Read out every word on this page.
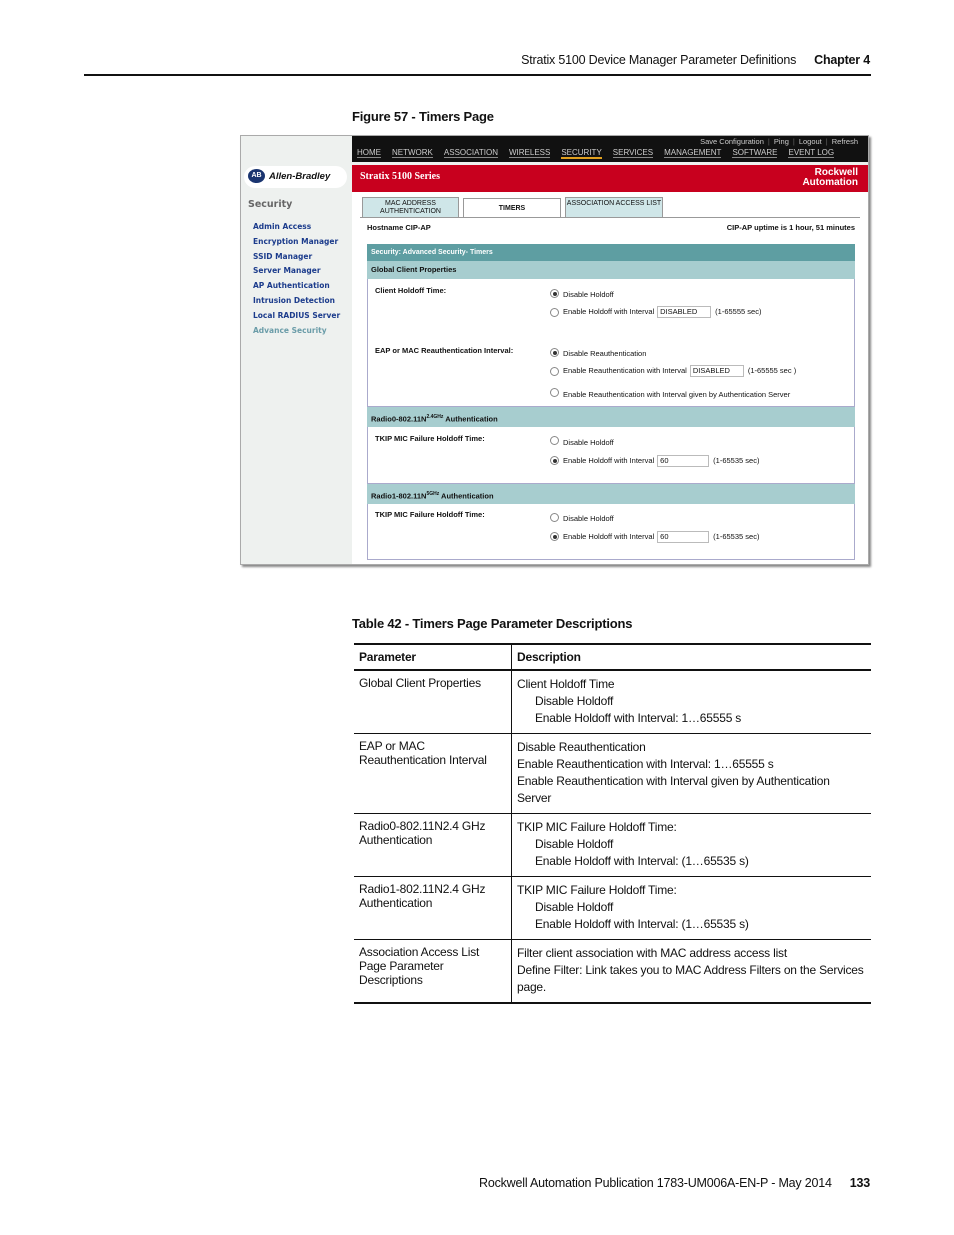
Stratix 5100 Device Manager Parameter Definitions Chapter 4
Figure 57 - Timers Page
Save Configuration | Ping | Logout | Refresh
HOME NETWORK ASSOCIATION WIRELESS SECURITY SERVICES MANAGEMENT SOFTWARE EVENT LOG
AB Allen-Bradley	Stratix 5100 Series	Rockwell
Automation
Security
Admin Access
Encryption Manager
SSID Manager
Server Manager
AP Authentication
Intrusion Detection
Local RADIUS Server
Advance Security
MAC ADDRESS AUTHENTICATION	TIMERS
ASSOCIATION ACCESS LIST
Hostname CIP-AP	CIP-AP uptime is 1 hour, 51 minutes
Security: Advanced Security- Timers
Global Client Properties
Client Holdoff Time:	Disable Holdoff
Enable Holdoff with Interval DISABLED (1-65555 sec)
EAP or MAC Reauthentication Interval:	Disable Reauthentication
Enable Reauthentication with Interval DISABLED (1-65555 sec )
Enable Reauthentication with Interval given by Authentication Server
$Radio0-802.11N^{2.4GHz}$ Authentication
TKIP MIC Failure Holdoff Time:	Disable Holdoff
Enable Holdoff with Interval 60	(1-65535 sec)
$Radio1-802.11N^{5GHz}$ Authentication
TKIP MIC Failure Holdoff Time:	Disable Holdoff
Enable Holdoff with Interval 60	(1-65535 sec)
Table 42 - Timers Page Parameter Descriptions
Parameter	Description
Global Client Properties	Client Holdoff Time
Disable Holdoff
Enable Holdoff with Interval: 1…65555 s

EAP or MAC Reauthentication Interval	Disable Reauthentication
Enable Reauthentication with Interval: 1…65555 s
Enable Reauthentication with Interval given by Authentication Server

Radio0-802.11N2.4 GHz Authentication	TKIP MIC Failure Holdoff Time:
Disable Holdoff
Enable Holdoff with Interval: (1…65535 s)

Radio1-802.11N2.4 GHz Authentication	TKIP MIC Failure Holdoff Time:
Disable Holdoff
Enable Holdoff with Interval: (1…65535 s)

Association Access List Page Parameter Descriptions	Filter client association with MAC address access list
Define Filter: Link takes you to MAC Address Filters on the Services page.
Rockwell Automation Publication 1783-UM006A-EN-P - May 2014 133
